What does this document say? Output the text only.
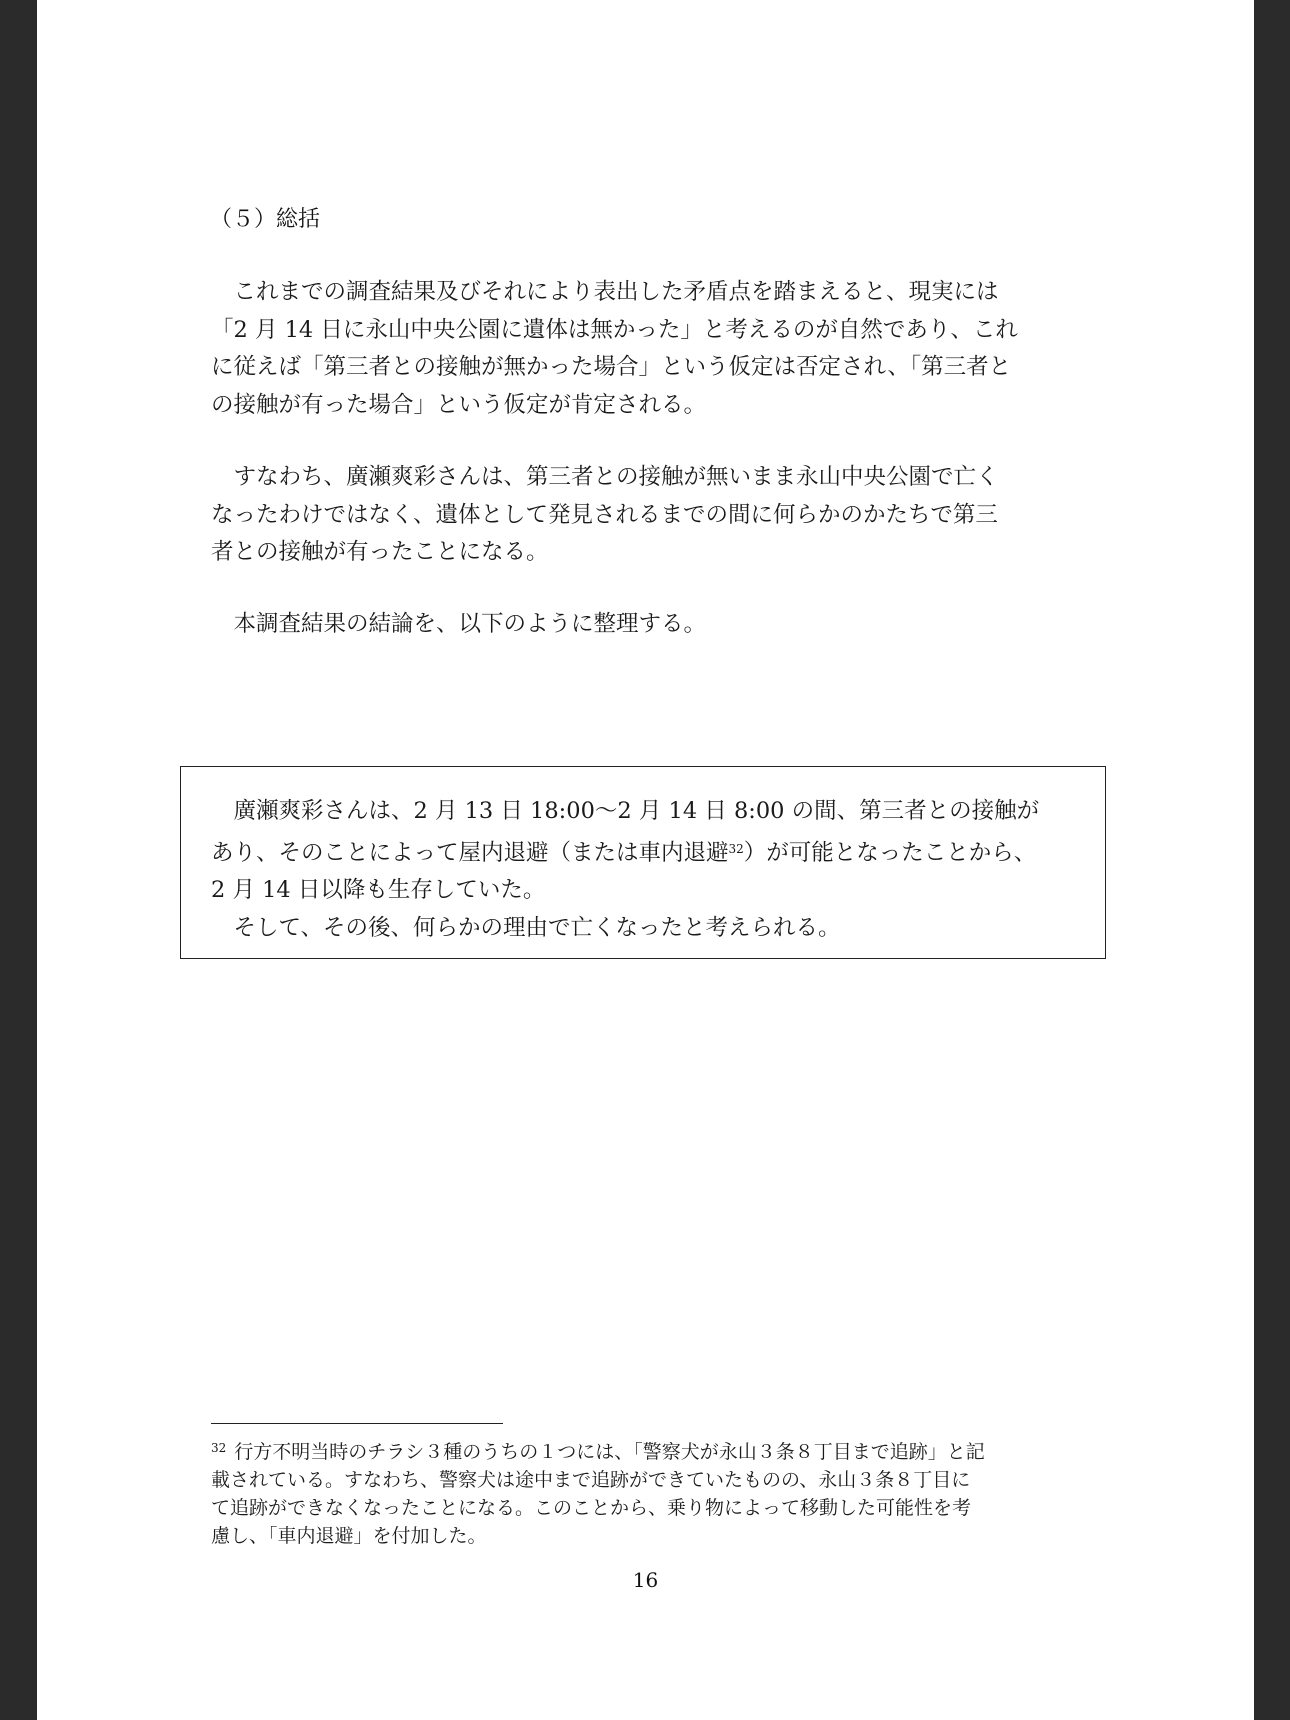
（５）総括

　これまでの調査結果及びそれにより表出した矛盾点を踏まえると、現実には
「2 月 14 日に永山中央公園に遺体は無かった」と考えるのが自然であり、これ
に従えば「第三者との接触が無かった場合」という仮定は否定され、「第三者と
の接触が有った場合」という仮定が肯定される。

　すなわち、廣瀬爽彩さんは、第三者との接触が無いまま永山中央公園で亡く
なったわけではなく、遺体として発見されるまでの間に何らかのかたちで第三
者との接触が有ったことになる。

　本調査結果の結論を、以下のように整理する。

　廣瀬爽彩さんは、2 月 13 日 18:00～2 月 14 日 8:00 の間、第三者との接触が
あり、そのことによって屋内退避（または車内退避$^{32}$）が可能となったことから、
2 月 14 日以降も生存していた。
　そして、その後、何らかの理由で亡くなったと考えられる。

$^{32}$ 行方不明当時のチラシ３種のうちの１つには、「警察犬が永山３条８丁目まで追跡」と記
載されている。すなわち、警察犬は途中まで追跡ができていたものの、永山３条８丁目に
て追跡ができなくなったことになる。このことから、乗り物によって移動した可能性を考
慮し、「車内退避」を付加した。
16
